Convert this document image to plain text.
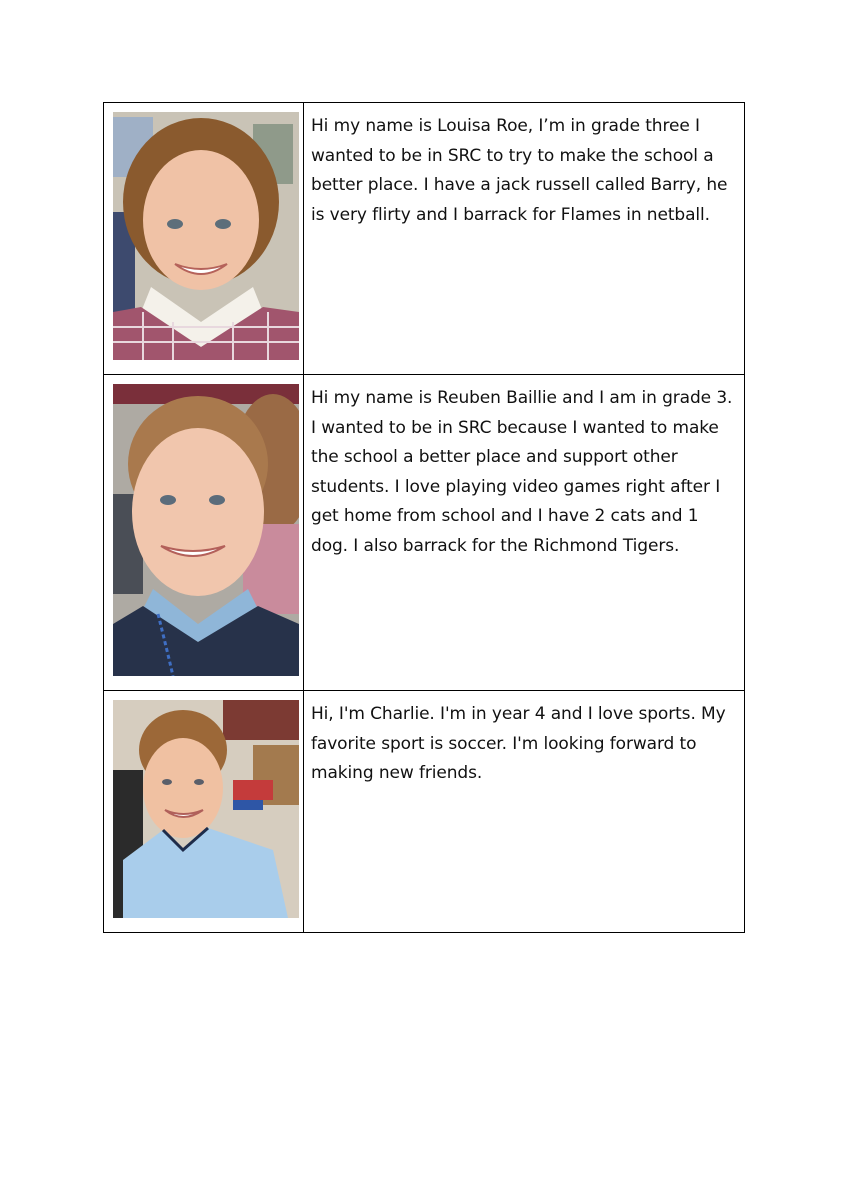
Hi my name is Louisa Roe, I’m in grade three I wanted to be in SRC to try to make the school a better place. I have a jack russell called Barry, he is very flirty and I barrack for Flames in netball.

Hi my name is Reuben Baillie and I am in grade 3. I wanted to be in SRC because I wanted to make the school a better place and support other students. I love playing video games right after I get home from school and I have 2 cats and 1 dog. I also barrack for the Richmond Tigers.

Hi, I'm Charlie. I'm in year 4 and I love sports. My favorite sport is soccer. I'm looking forward to making new friends.
